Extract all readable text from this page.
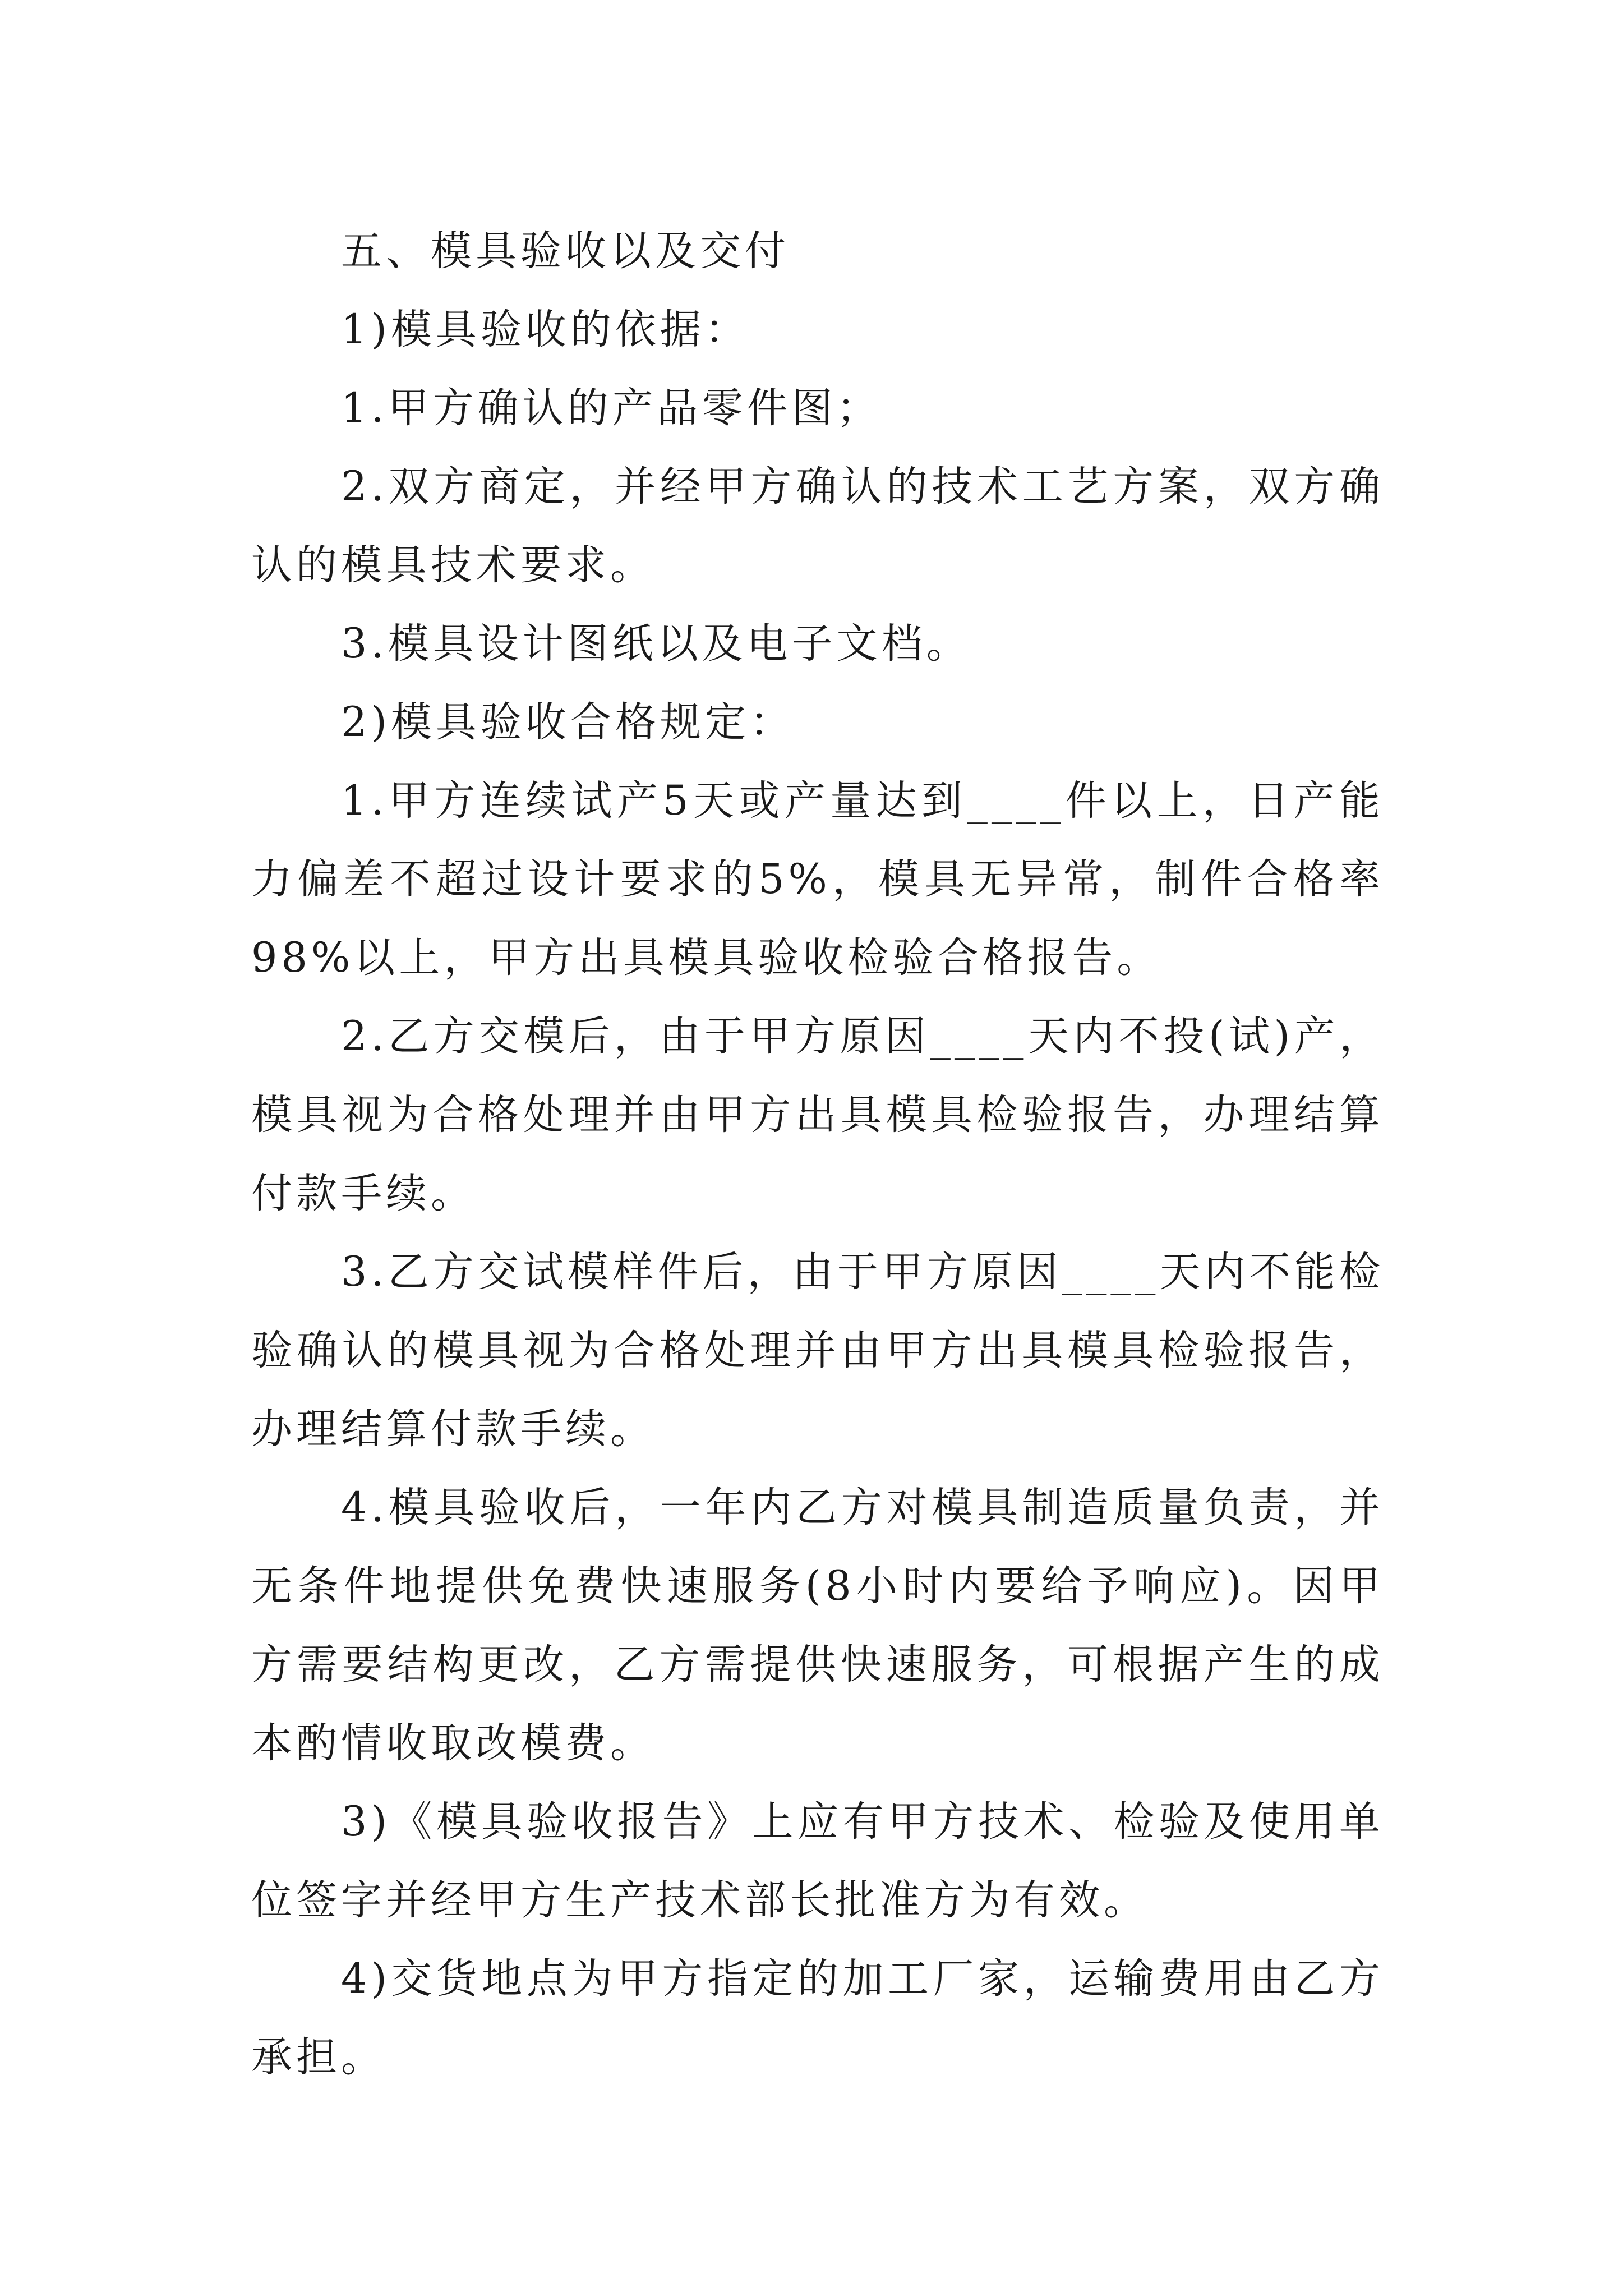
五、模具验收以及交付

1)模具验收的依据：

1.甲方确认的产品零件图；

2.双方商定，并经甲方确认的技术工艺方案，双方确认的模具技术要求。

3.模具设计图纸以及电子文档。

2)模具验收合格规定：

1.甲方连续试产5天或产量达到____件以上，日产能力偏差不超过设计要求的5%，模具无异常，制件合格率98%以上，甲方出具模具验收检验合格报告。

2.乙方交模后，由于甲方原因____天内不投(试)产，模具视为合格处理并由甲方出具模具检验报告，办理结算付款手续。

3.乙方交试模样件后，由于甲方原因____天内不能检验确认的模具视为合格处理并由甲方出具模具检验报告，办理结算付款手续。

4.模具验收后，一年内乙方对模具制造质量负责，并无条件地提供免费快速服务(8小时内要给予响应)。因甲方需要结构更改，乙方需提供快速服务，可根据产生的成本酌情收取改模费。

3)《模具验收报告》上应有甲方技术、检验及使用单位签字并经甲方生产技术部长批准方为有效。

4)交货地点为甲方指定的加工厂家，运输费用由乙方承担。
